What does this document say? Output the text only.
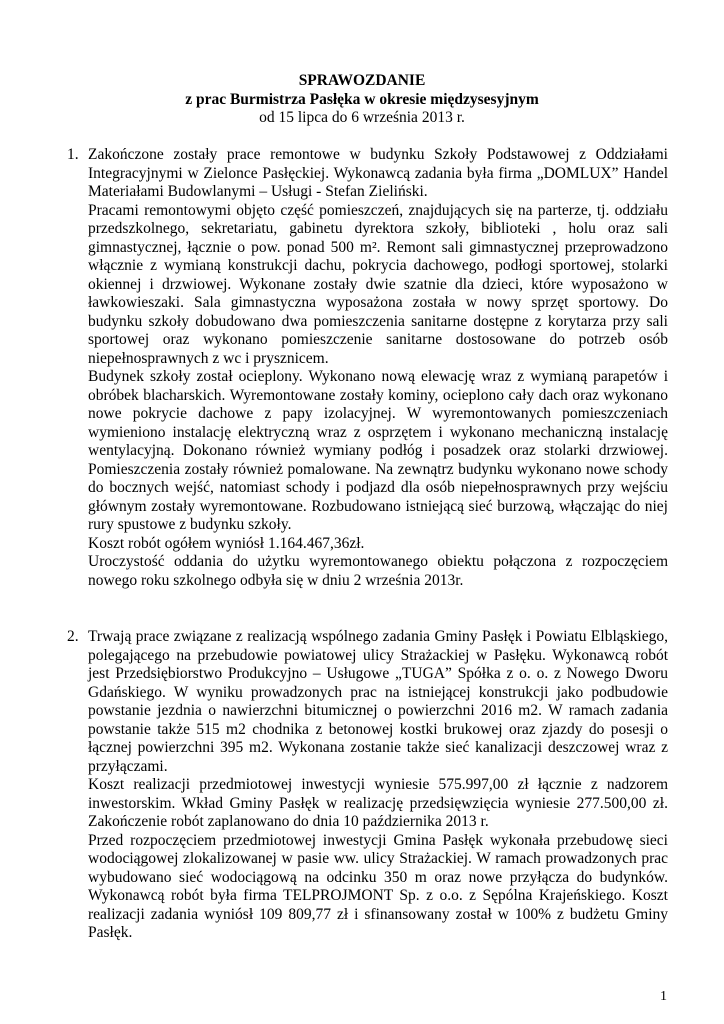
SPRAWOZDANIE
z prac Burmistrza Pasłęka w okresie międzysesyjnym
od 15 lipca do 6 września 2013 r.
1. Zakończone zostały prace remontowe w budynku Szkoły Podstawowej z Oddziałami Integracyjnymi w Zielonce Pasłęckiej. Wykonawcą zadania była firma „DOMLUX” Handel Materiałami Budowlanymi – Usługi - Stefan Zieliński.

Pracami remontowymi objęto część pomieszczeń, znajdujących się na parterze, tj. oddziału przedszkolnego, sekretariatu, gabinetu dyrektora szkoły, biblioteki , holu oraz sali gimnastycznej, łącznie o pow. ponad 500 m². Remont sali gimnastycznej przeprowadzono włącznie z wymianą konstrukcji dachu, pokrycia dachowego, podłogi sportowej, stolarki okiennej i drzwiowej. Wykonane zostały dwie szatnie dla dzieci, które wyposażono w ławkowieszaki. Sala gimnastyczna wyposażona została w nowy sprzęt sportowy. Do budynku szkoły dobudowano dwa pomieszczenia sanitarne dostępne z korytarza przy sali sportowej oraz wykonano pomieszczenie sanitarne dostosowane do potrzeb osób niepełnosprawnych z wc i prysznicem.

Budynek szkoły został ocieplony. Wykonano nową elewację wraz z wymianą parapetów i obróbek blacharskich. Wyremontowane zostały kominy, ocieplono cały dach oraz wykonano nowe pokrycie dachowe z papy izolacyjnej. W wyremontowanych pomieszczeniach wymieniono instalację elektryczną wraz z osprzętem i wykonano mechaniczną instalację wentylacyjną. Dokonano również wymiany podłóg i posadzek oraz stolarki drzwiowej. Pomieszczenia zostały również pomalowane. Na zewnątrz budynku wykonano nowe schody do bocznych wejść, natomiast schody i podjazd dla osób niepełnosprawnych przy wejściu głównym zostały wyremontowane. Rozbudowano istniejącą sieć burzową, włączając do niej rury spustowe z budynku szkoły.

Koszt robót ogółem wyniósł 1.164.467,36zł.

Uroczystość oddania do użytku wyremontowanego obiektu połączona z rozpoczęciem nowego roku szkolnego odbyła się w dniu 2 września 2013r.

2. Trwają prace związane z realizacją wspólnego zadania Gminy Pasłęk i Powiatu Elbląskiego, polegającego na przebudowie powiatowej ulicy Strażackiej w Pasłęku. Wykonawcą robót jest Przedsiębiorstwo Produkcyjno – Usługowe „TUGA” Spółka z o. o. z Nowego Dworu Gdańskiego. W wyniku prowadzonych prac na istniejącej konstrukcji jako podbudowie powstanie jezdnia o nawierzchni bitumicznej o powierzchni 2016 m2. W ramach zadania powstanie także 515 m2 chodnika z betonowej kostki brukowej oraz zjazdy do posesji o łącznej powierzchni 395 m2. Wykonana zostanie także sieć kanalizacji deszczowej wraz z przyłączami.

Koszt realizacji przedmiotowej inwestycji wyniesie 575.997,00 zł łącznie z nadzorem inwestorskim. Wkład Gminy Pasłęk w realizację przedsięwzięcia wyniesie 277.500,00 zł. Zakończenie robót zaplanowano do dnia 10 października 2013 r.

Przed rozpoczęciem przedmiotowej inwestycji Gmina Pasłęk wykonała przebudowę sieci wodociągowej zlokalizowanej w pasie ww. ulicy Strażackiej. W ramach prowadzonych prac wybudowano sieć wodociągową na odcinku 350 m oraz nowe przyłącza do budynków. Wykonawcą robót była firma TELPROJMONT Sp. z o.o. z Sępólna Krajeńskiego. Koszt realizacji zadania wyniósł 109 809,77 zł i sfinansowany został w 100% z budżetu Gminy Pasłęk.

1
